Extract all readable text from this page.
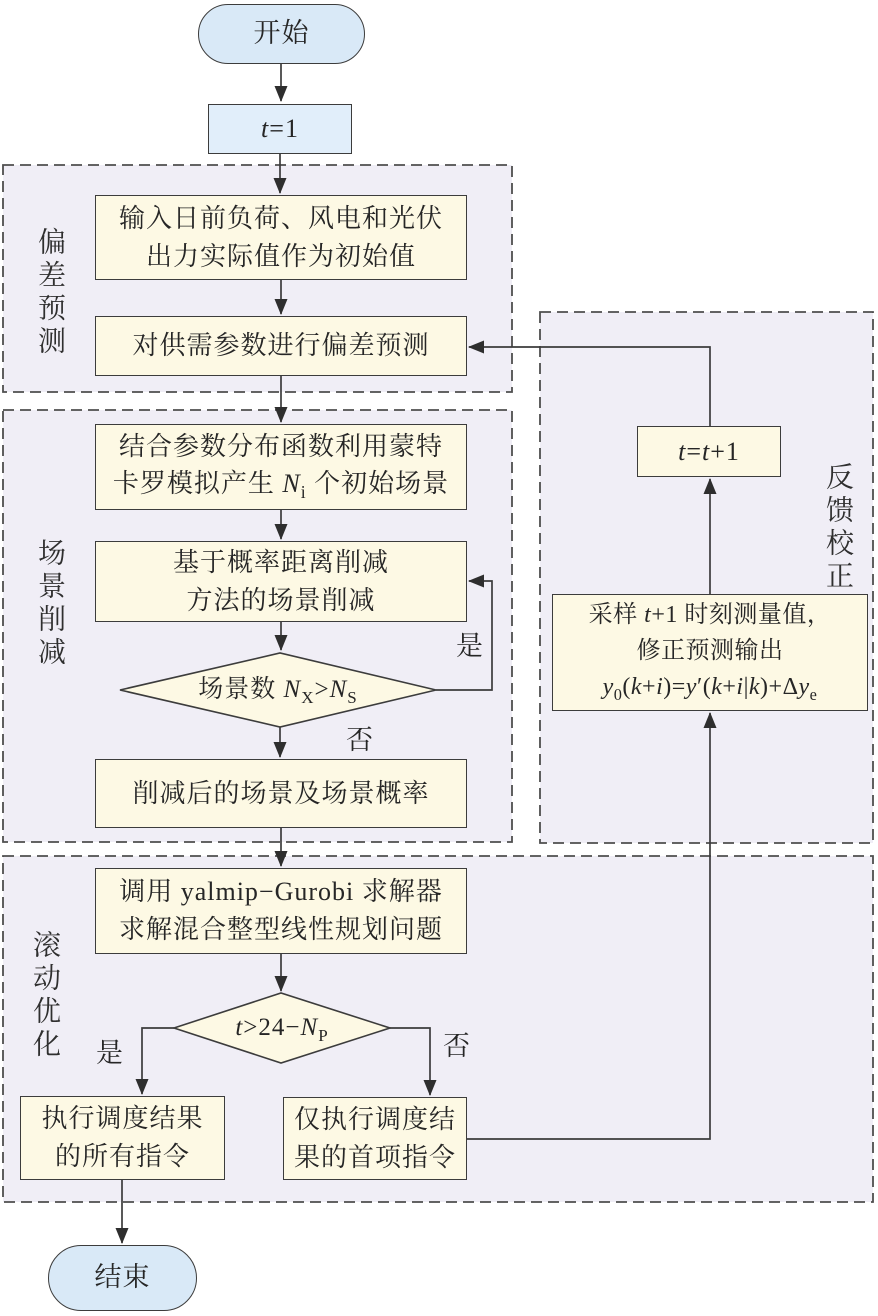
偏差预测
场景削减
滚动优化
反馈校正
开始
结束
t=1
输入日前负荷、风电和光伏
出力实际值作为初始值
对供需参数进行偏差预测
结合参数分布函数利用蒙特
卡罗模拟产生 $N_i$ 个初始场景
基于概率距离削减
方法的场景削减
场景数 $N_X>N_S$
削减后的场景及场景概率
是
否
调用 yalmip−Gurobi 求解器
求解混合整型线性规划问题
$t>24-N_P$
是	否
执行调度结果
的所有指令
仅执行调度结
果的首项指令
t=t+1
采样 t+1 时刻测量值，
修正预测输出
$y_0(k+i)=y'(k+i|k)+\Delta y_e$
